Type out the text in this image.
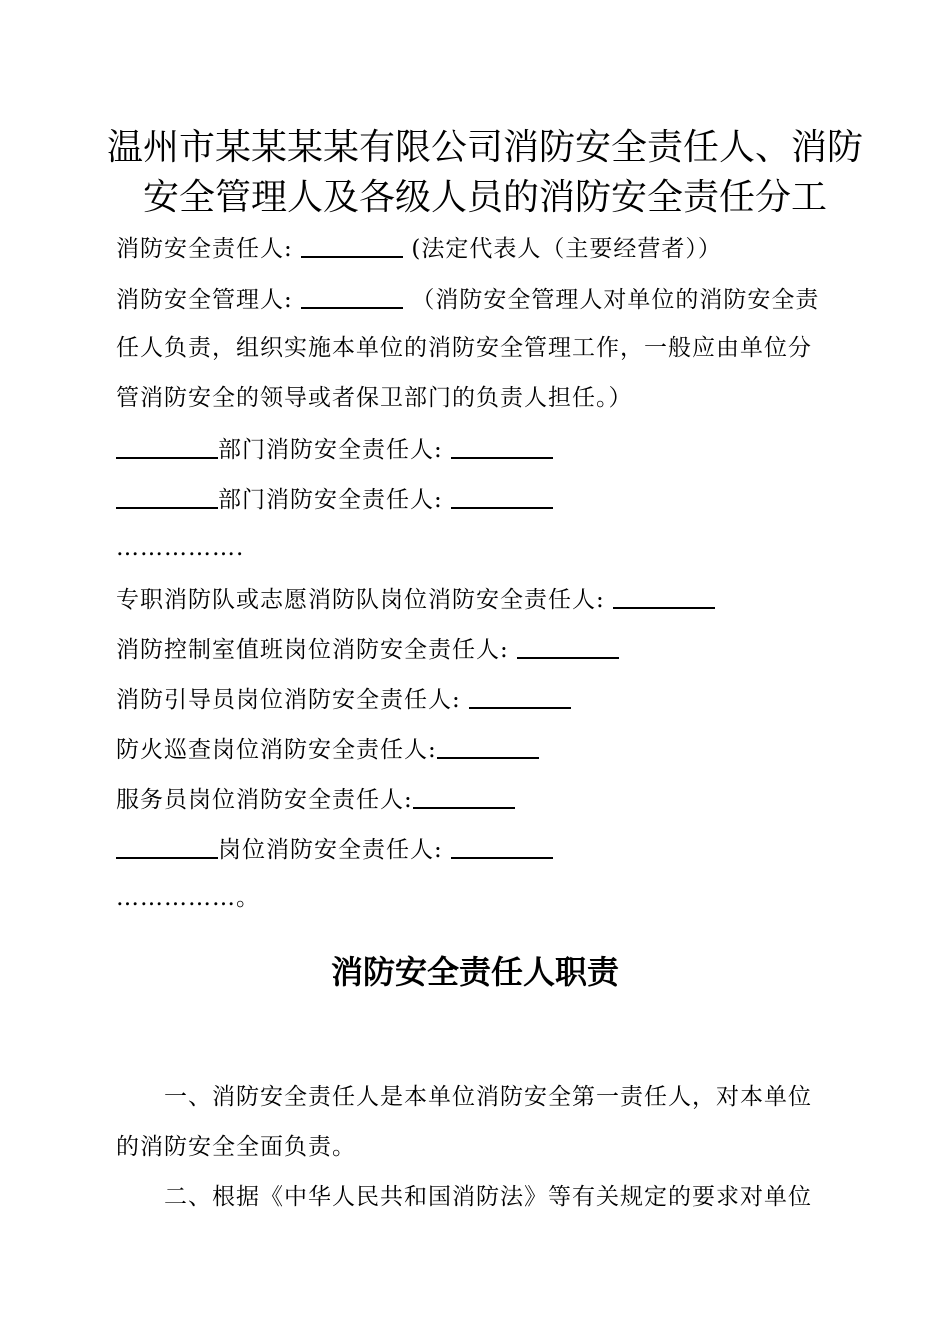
温州市某某某某有限公司消防安全责任人、消防
安全管理人及各级人员的消防安全责任分工
消防安全责任人:	(法定代表人（主要经营者））
消防安全管理人:	（消防安全管理人对单位的消防安全责
任人负责，组织实施本单位的消防安全管理工作，一般应由单位分
管消防安全的领导或者保卫部门的负责人担任。）
部门消防安全责任人:
部门消防安全责任人:
…………….
专职消防队或志愿消防队岗位消防安全责任人:
消防控制室值班岗位消防安全责任人:
消防引导员岗位消防安全责任人:
防火巡查岗位消防安全责任人:
服务员岗位消防安全责任人:
岗位消防安全责任人:
……………。
消防安全责任人职责
一、消防安全责任人是本单位消防安全第一责任人，对本单位
的消防安全全面负责。
二、根据《中华人民共和国消防法》等有关规定的要求对单位
